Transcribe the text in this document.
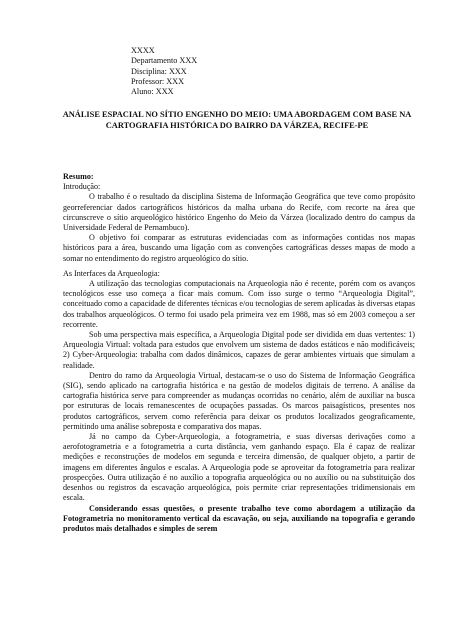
XXXX
Departamento XXX
Disciplina: XXX
Professor: XXX
Aluno: XXX
ANÁLISE ESPACIAL NO SÍTIO ENGENHO DO MEIO: UMA ABORDAGEM COM BASE NA CARTOGRAFIA HISTÓRICA DO BAIRRO DA VÁRZEA, RECIFE-PE

Resumo:

Introdução:

O trabalho é o resultado da disciplina Sistema de Informação Geográfica que teve como propósito georreferenciar dados cartográficos históricos da malha urbana do Recife, com recorte na área que circunscreve o sítio arqueológico histórico Engenho do Meio da Várzea (localizado dentro do campus da Universidade Federal de Pernambuco).

O objetivo foi comparar as estruturas evidenciadas com as informações contidas nos mapas históricos para a área, buscando uma ligação com as convenções cartográficas desses mapas de modo a somar no entendimento do registro arqueológico do sítio.

As Interfaces da Arqueologia:

A utilização das tecnologias computacionais na Arqueologia não é recente, porém com os avanços tecnológicos esse uso começa a ficar mais comum. Com isso surge o termo “Arqueologia Digital”, conceituado como a capacidade de diferentes técnicas e/ou tecnologias de serem aplicadas às diversas etapas dos trabalhos arqueológicos. O termo foi usado pela primeira vez em 1988, mas só em 2003 começou a ser recorrente.

Sob uma perspectiva mais específica, a Arqueologia Digital pode ser dividida em duas vertentes: 1) Arqueologia Virtual: voltada para estudos que envolvem um sistema de dados estáticos e não modificáveis; 2) Cyber-Arqueologia: trabalha com dados dinâmicos, capazes de gerar ambientes virtuais que simulam a realidade.

Dentro do ramo da Arqueologia Virtual, destacam-se o uso do Sistema de Informação Geográfica (SIG), sendo aplicado na cartografia histórica e na gestão de modelos digitais de terreno. A análise da cartografia histórica serve para compreender as mudanças ocorridas no cenário, além de auxiliar na busca por estruturas de locais remanescentes de ocupações passadas. Os marcos paisagísticos, presentes nos produtos cartográficos, servem como referência para deixar os produtos localizados geograficamente, permitindo uma análise sobreposta e comparativa dos mapas.

Já no campo da Cyber-Arqueologia, a fotogrametria, e suas diversas derivações como a aerofotogrametria e a fotogrametria a curta distância, vem ganhando espaço. Ela é capaz de realizar medições e reconstruções de modelos em segunda e terceira dimensão, de qualquer objeto, a partir de imagens em diferentes ângulos e escalas. A Arqueologia pode se aproveitar da fotogrametria para realizar prospecções. Outra utilização é no auxílio a topografia arqueológica ou no auxílio ou na substituição dos desenhos ou registros da escavação arqueológica, pois permite criar representações tridimensionais em escala.

Considerando essas questões, o presente trabalho teve como abordagem a utilização da Fotogrametria no monitoramento vertical da escavação, ou seja, auxiliando na topografia e gerando produtos mais detalhados e simples de serem
